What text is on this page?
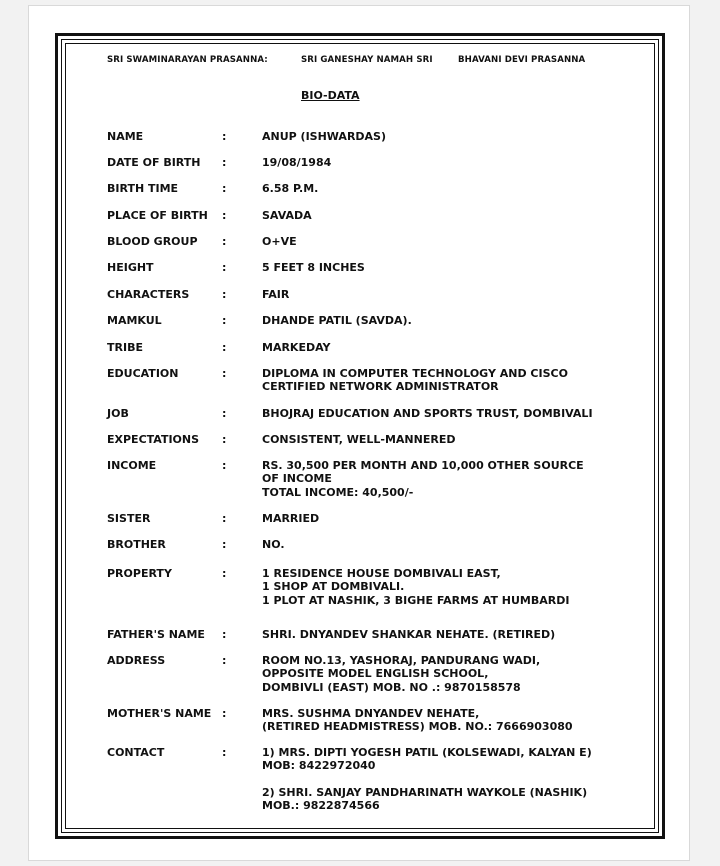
SRI SWAMINARAYAN PRASANNA:	SRI GANESHAY NAMAH SRI	BHAVANI DEVI PRASANNA
BIO-DATA
NAME	:	ANUP (ISHWARDAS)
DATE OF BIRTH :	19/08/1984
BIRTH TIME	:	6.58 P.M.
PLACE OF BIRTH :	SAVADA
BLOOD GROUP :	O+VE
HEIGHT	:	5 FEET 8 INCHES
CHARACTERS	:	FAIR
MAMKUL	:	DHANDE PATIL (SAVDA).
TRIBE	:	MARKEDAY
EDUCATION	:	DIPLOMA IN COMPUTER TECHNOLOGY AND CISCO
CERTIFIED NETWORK ADMINISTRATOR
JOB	:	BHOJRAJ EDUCATION AND SPORTS TRUST, DOMBIVALI
EXPECTATIONS :	CONSISTENT, WELL-MANNERED
INCOME	:	RS. 30,500 PER MONTH AND 10,000 OTHER SOURCE
OF INCOME
TOTAL INCOME: 40,500/-
SISTER	:	MARRIED
BROTHER	:	NO.
PROPERTY	:	1 RESIDENCE HOUSE DOMBIVALI EAST,
1 SHOP AT DOMBIVALI.
1 PLOT AT NASHIK, 3 BIGHE FARMS AT HUMBARDI
FATHER'S NAME :	SHRI. DNYANDEV SHANKAR NEHATE. (RETIRED)
ADDRESS	:	ROOM NO.13, YASHORAJ, PANDURANG WADI,
OPPOSITE MODEL ENGLISH SCHOOL,
DOMBIVLI (EAST) MOB. NO .: 9870158578
MOTHER'S NAME :	MRS. SUSHMA DNYANDEV NEHATE,
(RETIRED HEADMISTRESS) MOB. NO.: 7666903080
CONTACT	:	1) MRS. DIPTI YOGESH PATIL (KOLSEWADI, KALYAN E)
MOB: 8422972040
2) SHRI. SANJAY PANDHARINATH WAYKOLE (NASHIK)
MOB.: 9822874566
